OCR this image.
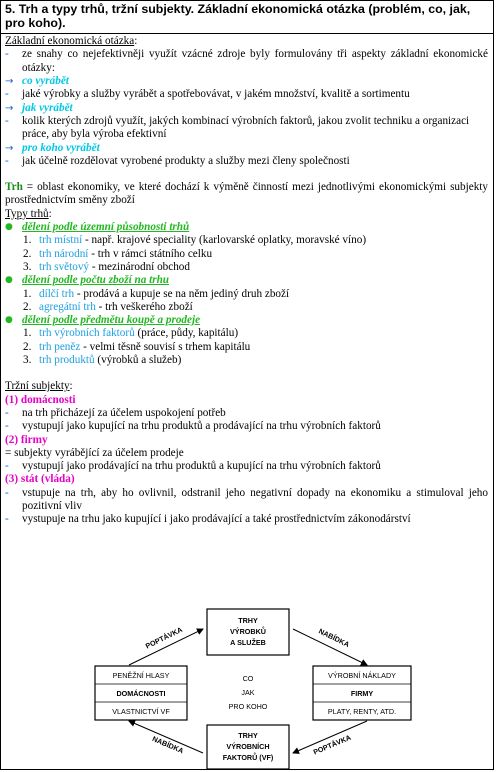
5. Trh a typy trhů, tržní subjekty. Základní ekonomická otázka (problém, co, jak, pro koho).

Základní ekonomická otázka:

-	ze snahy co nejefektivněji využít vzácné zdroje byly formulovány tři aspekty základní ekonomické otázky:
→ co vyrábět
-	jaké výrobky a služby vyrábět a spotřebovávat, v jakém množství, kvalitě a sortimentu
→ jak vyrábět
-	kolik kterých zdrojů využít, jakých kombinací výrobních faktorů, jakou zvolit techniku a organizaci práce, aby byla výroba efektivní
→ pro koho vyrábět
-	jak účelně rozdělovat vyrobené produkty a služby mezi členy společnosti

Trh = oblast ekonomiky, ve které dochází k výměně činností mezi jednotlivými ekonomickými subjekty prostřednictvím směny zboží

Typy trhů:

● dělení podle územní působnosti trhů
1. trh místní - např. krajové speciality (karlovarské oplatky, moravské víno)
2. trh národní - trh v rámci státního celku
3. trh světový - mezinárodní obchod
● dělení podle počtu zboží na trhu
1. dílčí trh - prodává a kupuje se na něm jediný druh zboží
2. agregátní trh - trh veškerého zboží
● dělení podle předmětu koupě a prodeje
1. trh výrobních faktorů (práce, půdy, kapitálu)
2. trh peněz - velmi těsně souvisí s trhem kapitálu
3. trh produktů (výrobků a služeb)

Tržní subjekty:

(1) domácnosti

-	na trh přicházejí za účelem uspokojení potřeb
-	vystupují jako kupující na trhu produktů a prodávající na trhu výrobních faktorů

(2) firmy

= subjekty vyrábějící za účelem prodeje

-	vystupují jako prodávající na trhu produktů a kupující na trhu výrobních faktorů

(3) stát (vláda)

-	vstupuje na trh, aby ho ovlivnil, odstranil jeho negativní dopady na ekonomiku a stimuloval jeho pozitivní vliv
-	vystupuje na trhu jako kupující i jako prodávající a také prostřednictvím zákonodárství
TRHY
VÝROBKŮ
A SLUŽEB
TRHY
VÝROBNÍCH
FAKTORŮ (VF)
PENĚŽNÍ HLASY
DOMÁCNOSTI
VLASTNICTVÍ VF
VÝROBNÍ NÁKLADY
FIRMY
PLATY, RENTY, ATD.
CO
JAK
PRO KOHO
POPTÁVKA	NABÍDKA
NABÍDKA	POPTÁVKA
